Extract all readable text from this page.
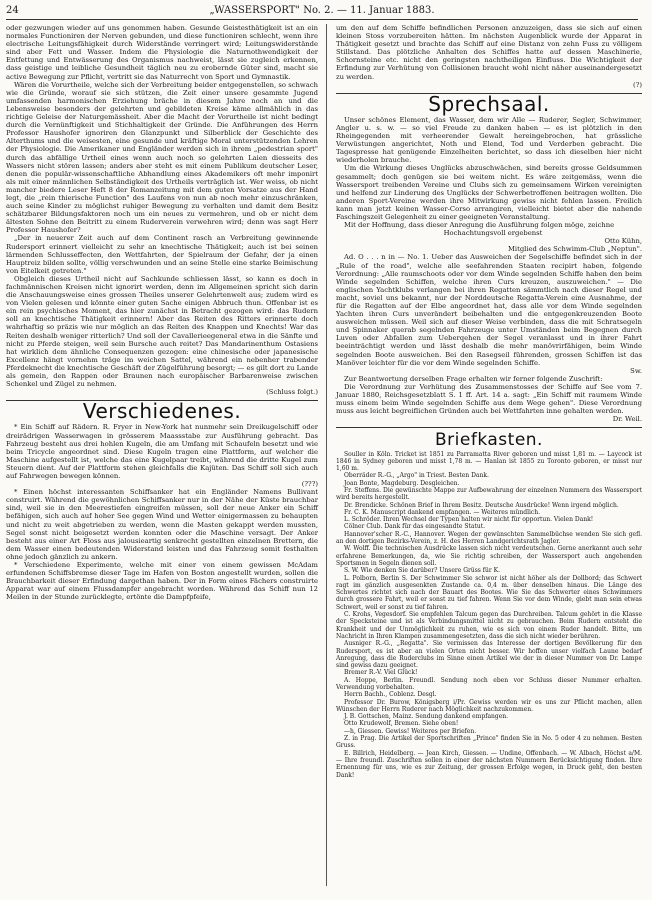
24	„WASSERSPORT" No. 2. — 11. Januar 1883.

oder gezwungen wieder auf uns genommen haben. Gesunde Geistesthätigkeit ist an ein normales Functioniren der Nerven gebunden, und diese functioniren schlecht, wenn ihre electrische Leitungsfähigkeit durch Widerstände verringert wird; Leitungswiderstände sind aber Fett und Wasser. Indem die Physiologie die Naturnothwendigkeit der Entfettung und Entwässerung des Organismus nachweist, lässt sie zugleich erkennen, dass geistige und leibliche Gesundheit täglich neu zu erobernde Güter sind, macht sie active Bewegung zur Pflicht, vertritt sie das Naturrecht von Sport und Gymnastik.

Wären die Vorurtheile, welche sich der Verbreitung beider entgegenstellen, so schwach wie die Gründe, worauf sie sich stützen, die Zeit einer unsere gesammte Jugend umfassenden harmonischen Erziehung bräche in diesem Jahre noch an und die Lebensweise besonders der gelehrten und gebildeten Kreise käme allmählich in das richtige Geleise der Naturgemässheit. Aber die Macht der Vorurtheile ist nicht bedingt durch die Vernünftigkeit und Stichhaltigkeit der Gründe. Die Anführungen des Herrn Professor Haushofer ignoriren den Glanzpunkt und Silberblick der Geschichte des Alterthums und die weisesten, eine gesunde und kräftige Moral unterstützenden Lehren der Physiologie. Die Amerikaner und Engländer werden sich in ihrem „pedestrian sport" durch das abfällige Urtheil eines wenn auch noch so gelehrten Laien diesseits des Wassers nicht stören lassen; anders aber steht es mit einem Publikum deutscher Leser, denen die populär-wissenschaftliche Abhandlung eines Akademikers oft mehr imponirt als mit einer männlichen Selbständigkeit des Urtheils verträglich ist. Wer weiss, ob nicht mancher biedere Leser Heft 8 der Romanzeitung mit dem guten Vorsatze aus der Hand legt, die „rein thierische Function" des Laufens von nun ab noch mehr einzuschränken, auch seine Kinder zu möglichst ruhiger Bewegung zu verhalten und damit dem Besitz schätzbarer Bildungsfaktoren noch um ein neues zu vermehren, und ob er nicht dem ältesten Sohne den Beitritt zu einem Ruderverein verwehren wird; denn was sagt Herr Professor Haushofer?

„Der in neuerer Zeit auch auf dem Continent rasch an Verbreitung gewinnende Rudersport erinnert vielleicht zu sehr an knechtische Thätigkeit; auch ist bei seinen lärmenden Schlusseffecten, den Wettfahrten, der Spielraum der Gefahr, der ja einen Hauptreiz bilden sollte, völlig verschwunden und an seine Stelle eine starke Beimischung von Eitelkeit getreten."

Obgleich dieses Urtheil nicht auf Sachkunde schliessen lässt, so kann es doch in fachmännischen Kreisen nicht ignorirt werden, denn im Allgemeinen spricht sich darin die Anschauungsweise eines grossen Theiles unserer Gelehrtenwelt aus; zudem wird es von Vielen gelesen und könnte einer guten Sache einigen Abbruch thun. Offenbar ist es ein rein psychisches Moment, das hier zunächst in Betracht gezogen wird: das Rudern soll an knechtische Thätigkeit erinnern! Aber das Reiten des Ritters erinnerte doch wahrhaftig so präzis wie nur möglich an das Reiten des Knappen und Knechts! War das Reiten deshalb weniger ritterlich? Und soll der Cavallerieegeneral etwa in die Sänfte und nicht zu Pferde steigen, weil sein Bursche auch reitet? Das Mandarinenthum Ostasiens hat wirklich dem ähnliche Consequenzen gezogen: eine chinesische oder japanesische Excellenz hängt vornehm träge im weichen Sattel, während ein nebenher trabender Pferdeknecht die knechtische Geschäft der Zügelführung besorgt; — es gilt dort zu Lande als gemein, den Rappen oder Braunen nach europäischer Barbarenweise zwischen Schenkel und Zügel zu nehmen.

(Schluss folgt.)

Verschiedenes.

* Ein Schiff auf Rädern. R. Fryer in New-York hat nunmehr sein Dreikugelschiff oder dreirädrigen Wasserwagen in grösserem Maassstabe zur Ausführung gebracht. Das Fahrzeug besteht aus drei hohlen Kugeln, die am Umfang mit Schaufeln besetzt und wie beim Tricycle angeordnet sind. Diese Kugeln tragen eine Plattform, auf welcher die Maschine aufgestellt ist, welche das eine Kugelpaar treibt, während die dritte Kugel zum Steuern dient. Auf der Plattform stehen gleichfalls die Kajüten. Das Schiff soll sich auch auf Fahrwegen bewegen können.

(???)

* Einen höchst interessanten Schiffsanker hat ein Engländer Namens Bullivant construirt. Während die gewöhnlichen Schiffsanker nur in der Nähe der Küste brauchbar sind, weil sie in den Meerestiefen eingreifen müssen, soll der neue Anker ein Schiff befähigen, sich auch auf hoher See gegen Wind und Wetter einigermassen zu behaupten und nicht zu weit abgetrieben zu werden, wenn die Masten gekappt werden mussten, Segel sonst nicht beigesetzt werden konnten oder die Maschine versagt. Der Anker besteht aus einer Art Floss aus jalousieartig senkrecht gestellten einzelnen Brettern, die dem Wasser einen bedeutenden Widerstand leisten und das Fahrzeug somit festhalten ohne jedoch gänzlich zu ankern.

* Verschiedene Experimente, welche mit einer von einem gewissen McAdam erfundenen Schiffsbremse dieser Tage im Hafen von Boston angestellt wurden, sollen die Brauchbarkeit dieser Erfindung dargethan haben. Der in Form eines Fächers construirte Apparat war auf einem Flussdampfer angebracht worden. Während das Schiff nun 12 Meilen in der Stunde zurücklegte, ertönte die Dampfpfeife,

um den auf dem Schiffe befindlichen Personen anzuzeigen, dass sie sich auf einen kleinen Stoss vorzubereiten hätten. Im nächsten Augenblick wurde der Apparat in Thätigkeit gesetzt und brachte das Schiff auf eine Distanz von zehn Fuss zu völligem Stillstand. Das plötzliche Anhalten des Schiffes hatte auf dessen Maschinerie, Schornsteine etc. nicht den geringsten nachtheiligen Einfluss. Die Wichtigkeit der Erfindung zur Verhütung von Collisionen braucht wohl nicht näher auseinandergesetzt zu werden.

(?)

Sprechsaal.

Unser schönes Element, das Wasser, dem wir Alle — Ruderer, Segler, Schwimmer, Angler u. s. w. — so viel Freude zu danken haben — es ist plötzlich in den Rheingegenden mit verheerender Gewalt hereingebrochen, hat grässliche Verwüstungen angerichtet, Noth und Elend, Tod und Verderben gebracht. Die Tagespresse hat genügende Einzelheiten berichtet, so dass ich dieselben hier nicht wiederholen brauche.

Um die Wirkung dieses Unglücks abzuschwächen, sind bereits grosse Geldsummen gesammelt; doch genügen sie bei weitem nicht. Es wäre zeitgemäss, wenn die Wassersport treibenden Vereine und Clubs sich zu gemeinsamem Wirken vereinigten und helfend zur Linderung des Unglücks der Schwerbetroffenen beitragen wollten. Die anderen Sport-Vereine werden ihre Mitwirkung gewiss nicht fehlen lassen. Freilich kann man jetzt keinen Wasser-Corso arrangiren, vielleicht bietet aber die nahende Faschingszeit Gelegenheit zu einer geeigneten Veranstaltung.

Mit der Hoffnung, dass dieser Anregung die Ausführung folgen möge, zeichne

Hochachtungsvoll ergebenst

Otto Kühn,

Mitglied des Schwimm-Club „Neptun".

Ad. O . . . n in — No. 1. Ueber das Ausweichen der Segelschiffe befindet sich in der „Rule of the road", welche alle seefahrenden Staaten recipirt haben, folgende Verordnung: „Alle raumschoots oder vor dem Winde segelnden Schiffe haben den beim Winde segelnden Schiffen, welche ihren Curs kreuzen, auszuweichen." — Die englischen Yachtklubs verlangen bei ihren Regatten sämmtlich nach dieser Regel und macht, soviel uns bekannt, nur der Norddeutsche Regatta-Verein eine Ausnahme, der für die Regatten auf der Elbe angeordnet hat, dass alle vor dem Winde segelnden Yachten ihren Curs unverändert beibehalten und die entgegenkreuzenden Boote ausweichen müssen. Weil sich auf dieser Weise verbinden, dass die mit Schratsegeln und Spinnaker querab segelnden Fahrzeuge unter Umständen beim Begegnen durch Luven oder Abfallen zum Ueberqehen der Segel veranlasst und in ihrer Fahrt beeinträchtigt werden und lässt deshalb die mehr manövrirfähigen, beim Winde segelnden Boote ausweichen. Bei den Rasegseil führenden, grossen Schiffen ist das Manöver leichter für die vor dem Winde segelnden Schiffe.

Sw.

Zur Beantwortung derselben Frage erhalten wir ferner folgende Zuschrift:

Die Verordnung zur Verhütung des Zusammenstosses der Schiffe auf See vom 7. Januar 1880, Reichsgesetzblatt S. 1 ff. Art. 14 a. sagt: „Ein Schiff mit raumem Winde muss einem beim Winde segelnden Schiffe aus dem Wege gehen". Diese Verordnung muss aus leicht begreiflichen Gründen auch bei Wettfahrten inne gehalten werden.

Dr. Weil.

Briefkasten.

Souller in Köln. Tricket ist 1851 zu Parramatta River geboren und misst 1,81 m. — Laycock ist 1846 in Sydney geboren und misst 1,78 m. — Hanlan ist 1855 zu Toronto geboren, er misst nur 1,60 m.

Oberräder R.-G., „Argo" in Triest. Besten Dank.

Joan Bonte, Magdeburg. Desgleichen.

Fr. Steffens. Die gewünschte Mappe zur Aufbewahrung der einzelnen Nummern des Wassersport wird bereits hergestellt.

Dr. Brendicke. Schönen Brief in Ihrem Besitz. Deutsche Ausdrücke! Wenn irgend möglich.

Fr. C. K. Manuscript dankend empfangen. — Weiteres mündlich.

L. Schröder. Ihren Wechsel der Typen halten wir nicht für opportun. Vielen Dank!

Cölner Club. Dank für das eingesandte Statut.

Hannover'scher R.-C., Hannover. Wegen der gewünschten Sammelbüchse wenden Sie sich gefl. an den dortigen Bezirks-Verein, z. H. des Herren Landgerichtsrath Jagler.

W. Wolff. Die technischen Ausdrücke lassen sich nicht verdeutschen. Gerne anerkannt auch sehr erfahrene Bemerkungen, da, wie Sie richtig schreiben, der Wassersport auch angehenden Sportsmen in Segeln dienen soll.

S. W. Wie denken Sie darüber? Unsere Grüss für K.

L. Polborn, Berlin S. Der Schwimmer Sie schwor ist nicht höher als der Dollbord; das Schwert ragt im gänzlich ausgesenkten Zustande ca. 0,4 m. über denselben hinaus. Die Länge des Schwertes richtet sich nach der Bauart des Bootes. Wie Sie das Schwerter eines Schwimmers durch grossere Fahrt, weil er sonst zu tief fahren. Wenn Sie vor dem Winde, giebt man sein etwas Schwert, weil er sonst zu tief fahren.

C. Krohs, Vegesdorf. Sie empfehlen Talcum gegen das Durchreiben. Talcum gehört in die Klasse der Specksteine und ist als Verbindungsmittel nicht zu gebrauchen. Beim Rudern entsteht die Krankheit und der Unmöglichkeit zu ruhen, wie es sich von einem Ruder handelt. Bitte, um Nachricht in Ihren Klampen zusammengesetzten, dass die sich nicht wieder berühren.

Ausniger R.-G., „Regatta". Sie vermissen das Interesse der dortigen Bevölkerung für den Rudersport, es ist aber an vielen Orten nicht besser. Wir hoffen unser vielfach Laune bedarf Anregung, dass die Ruderclubs im Sinne einen Artikel wie der in dieser Nummer von Dr. Lampe sind gewiss dazu geeignet.

Bremer R.-V. Viel Glück!

A. Hoppe, Berlin. Freundl. Sendung noch eben vor Schluss dieser Nummer erhalten. Verwendung vorbehalten.

Herrn Bachh., Coblenz. Desgl.

Professor Dr. Burow, Königsberg i/Pr. Gewiss werden wir es uns zur Pflicht machen, allen Wünschen der Herrn Ruderer nach Möglichkeit nachzukommen.

J. B. Gottschen, Mainz. Sendung dankend empfangen.

Otto Krudewolf, Bremen. Siehe oben!

—h, Giessen. Gewiss! Weiteres per Briefen.

Z. in Prag. Die Artikel der Sportschriften „Prince" finden Sie in No. 5 oder 4 zu nehmen. Besten Gruss.

E. Billrich, Heidelberg. — Jean Kirch, Giessen. — Undine, Offenbach. — W. Albach, Höchst a/M. — Ihre freundl. Zuschriften sollen in einer der nächsten Nummern Berücksichtigung finden. Ihre Ernennung für uns, wie es zur Zeitung, der grossen Erfolge wegen, in Druck geht, den besten Dank!
